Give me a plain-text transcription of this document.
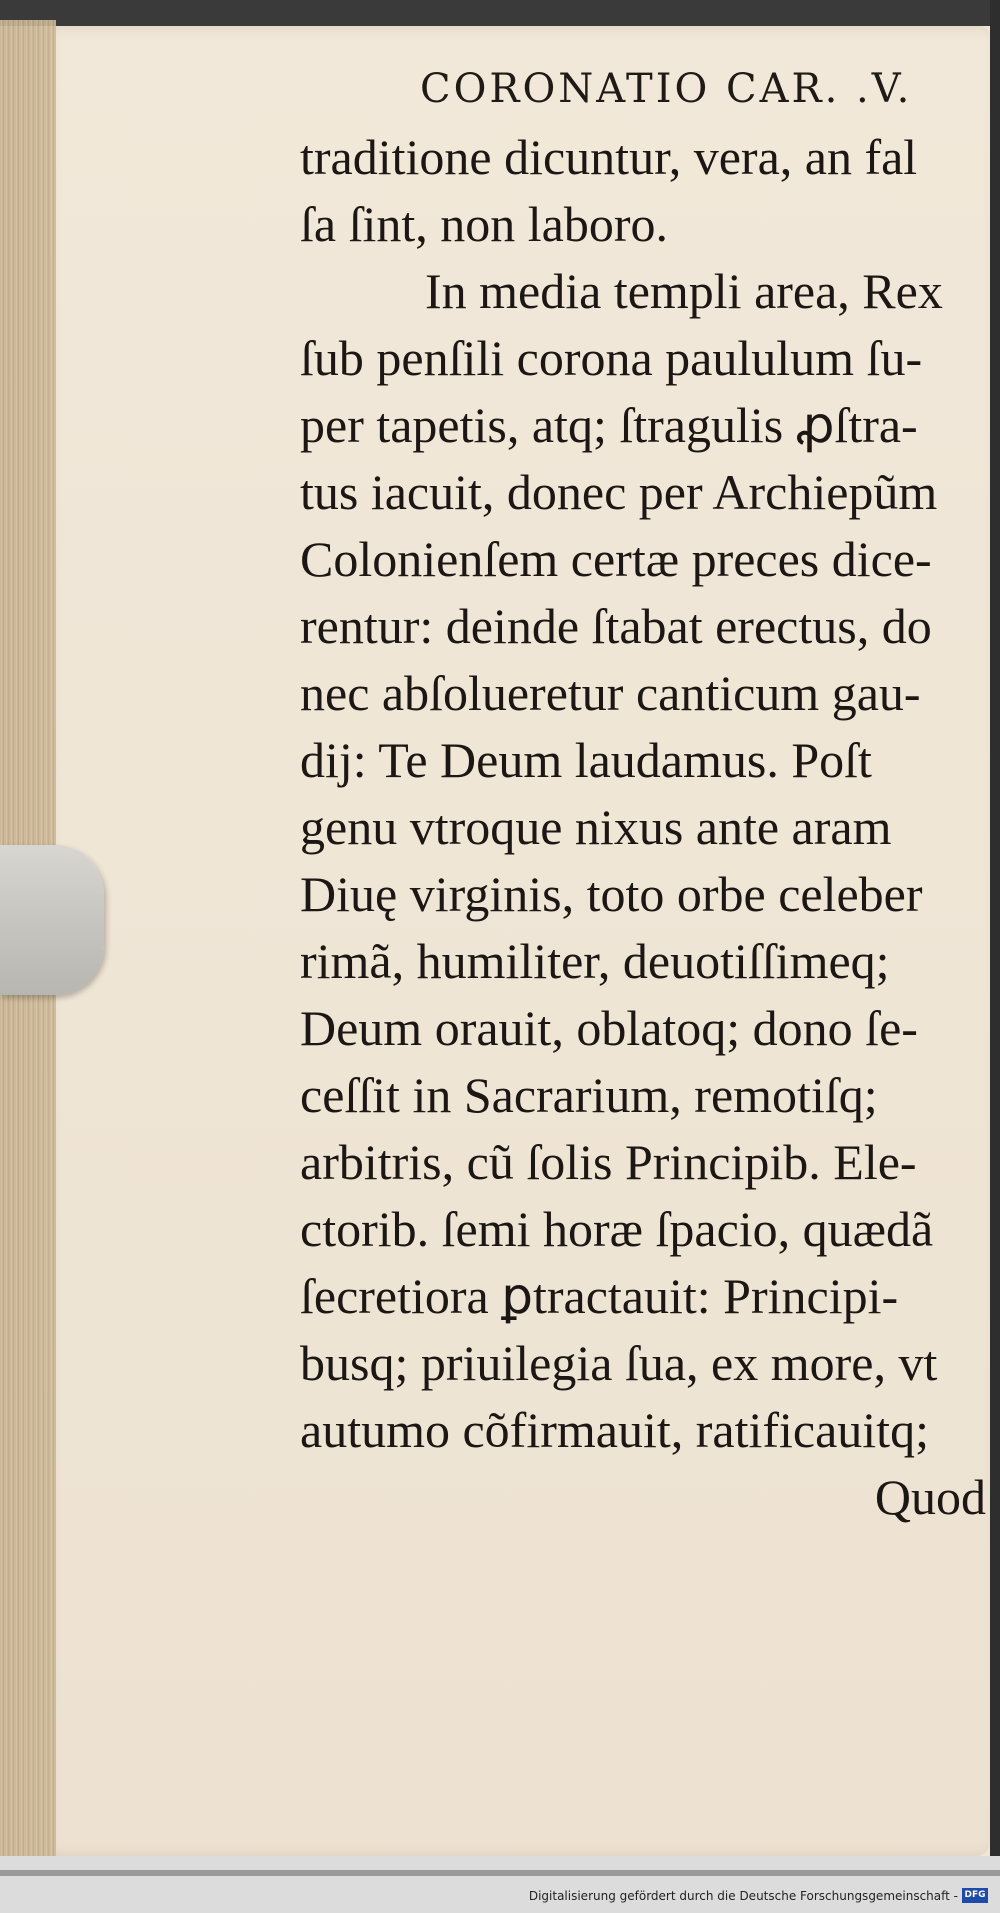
CORONATIO CAR. .V.
traditione dicuntur, vera, an fal
ſa ſint, non laboro.
In media templi area, Rex
ſub penſili corona paululum ſu-
per tapetis, atq; ſtragulis ꝓſtra-
tus iacuit, donec per Archiepũm
Colonienſem certæ preces dice-
rentur: deinde ſtabat erectus, do
nec abſolueretur canticum gau-
dij: Te Deum laudamus. Poſt
genu vtroque nixus ante aram
Diuę virginis, toto orbe celeber
rimã, humiliter, deuotiſſimeq;
Deum orauit, oblatoq; dono ſe-
ceſſit in Sacrarium, remotiſq;
arbitris, cũ ſolis Principib. Ele-
ctorib. ſemi horæ ſpacio, quædã
ſecretiora ꝑtractauit: Principi-
busq; priuilegia ſua, ex more, vt
autumo cõfirmauit, ratificauitq;
Quod
Digitalisierung gefördert durch die Deutsche Forschungsgemeinschaft - DFG
